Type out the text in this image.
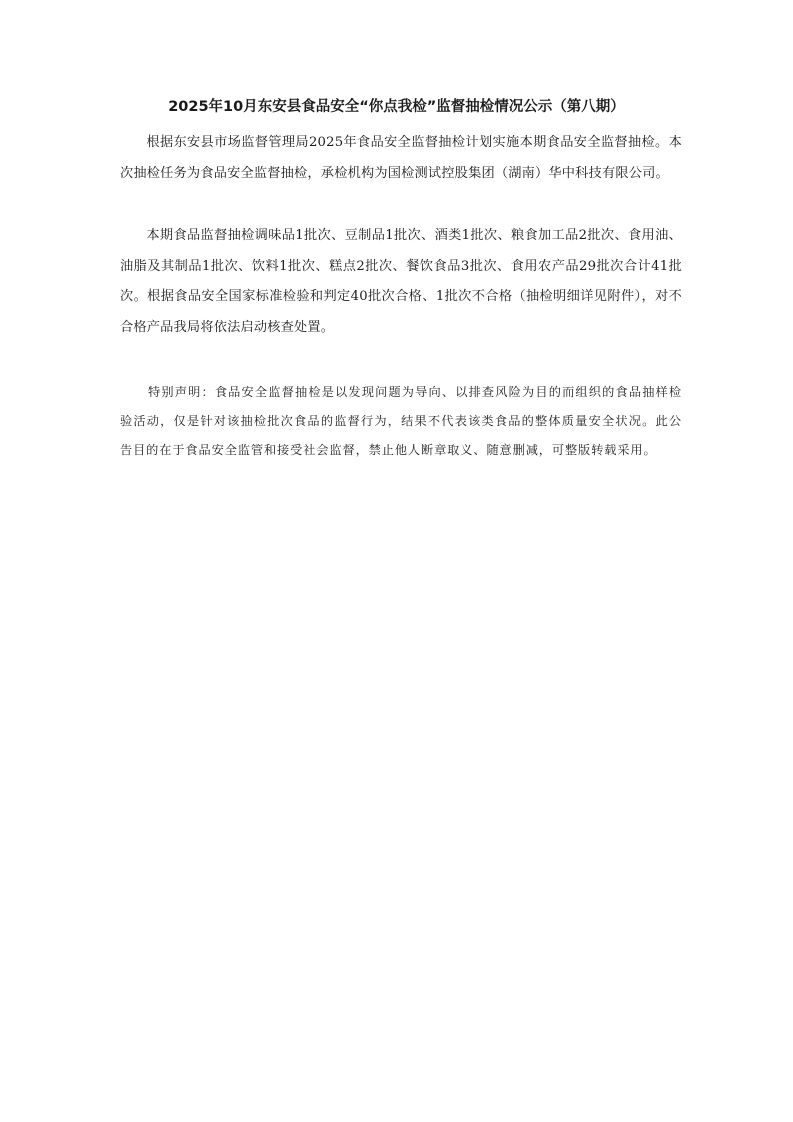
2025年10月东安县食品安全“你点我检”监督抽检情况公示（第八期）

根据东安县市场监督管理局2025年食品安全监督抽检计划实施本期食品安全监督抽检。本次抽检任务为食品安全监督抽检，承检机构为国检测试控股集团（湖南）华中科技有限公司。

本期食品监督抽检调味品1批次、豆制品1批次、酒类1批次、粮食加工品2批次、食用油、油脂及其制品1批次、饮料1批次、糕点2批次、餐饮食品3批次、食用农产品29批次合计41批次。根据食品安全国家标准检验和判定40批次合格、1批次不合格（抽检明细详见附件），对不合格产品我局将依法启动核查处置。

特别声明：食品安全监督抽检是以发现问题为导向、以排查风险为目的而组织的食品抽样检验活动，仅是针对该抽检批次食品的监督行为，结果不代表该类食品的整体质量安全状况。此公告目的在于食品安全监管和接受社会监督，禁止他人断章取义、随意删减，可整版转载采用。
